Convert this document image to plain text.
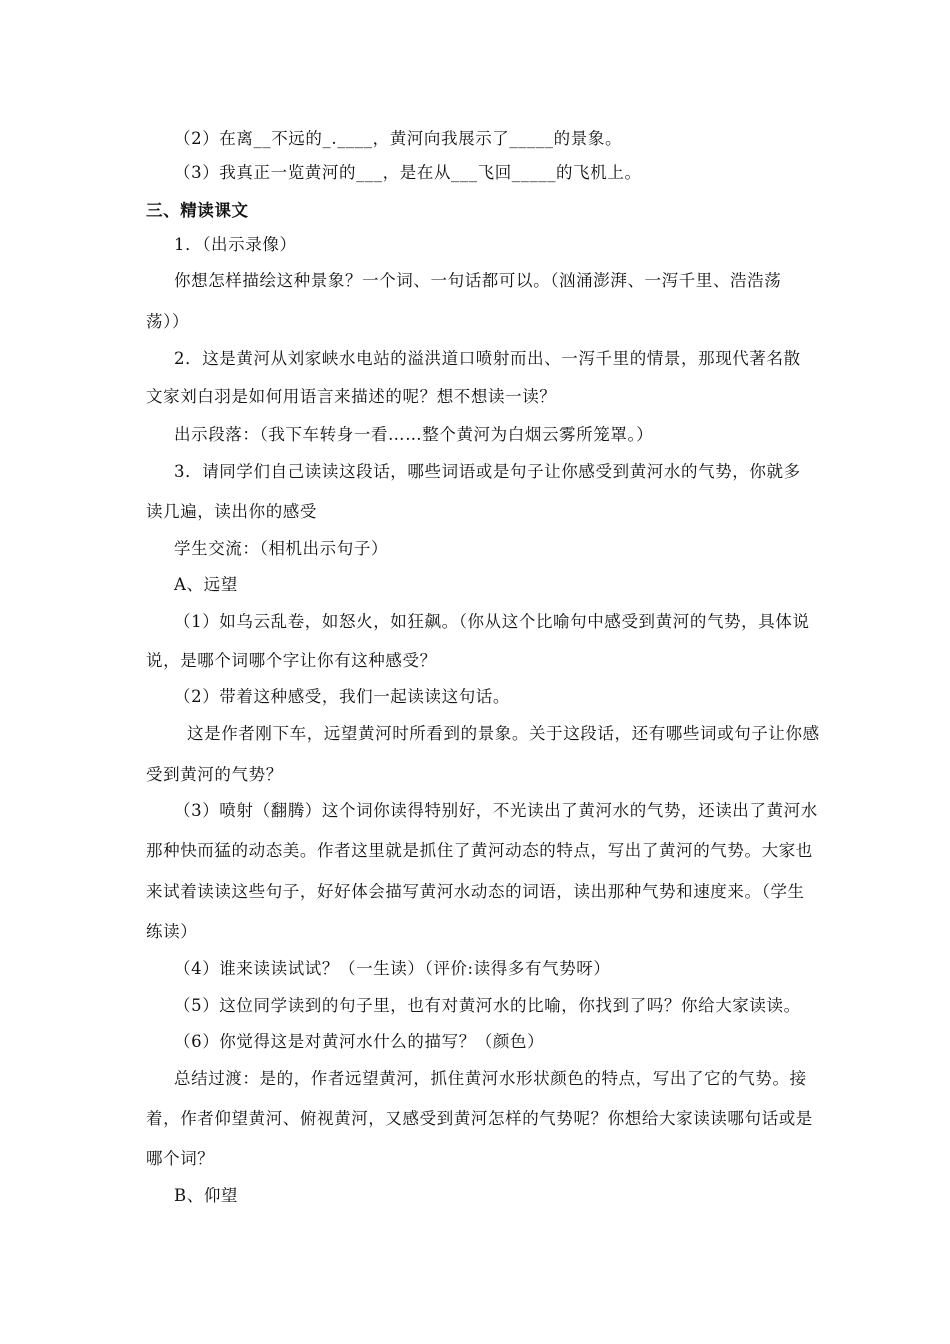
（2）在离__不远的_.____，黄河向我展示了_____的景象。
（3）我真正一览黄河的___，是在从___飞回_____的飞机上。
三、精读课文
1．（出示录像）
你想怎样描绘这种景象？一个词、一句话都可以。（汹涌澎湃、一泻千里、浩浩荡
荡））
2．这是黄河从刘家峡水电站的溢洪道口喷射而出、一泻千里的情景，那现代著名散
文家刘白羽是如何用语言来描述的呢？想不想读一读？
出示段落：（我下车转身一看……整个黄河为白烟云雾所笼罩。）
3．请同学们自己读读这段话，哪些词语或是句子让你感受到黄河水的气势，你就多
读几遍，读出你的感受
学生交流：（相机出示句子）
A、远望
（1）如乌云乱卷，如怒火，如狂飙。（你从这个比喻句中感受到黄河的气势，具体说
说，是哪个词哪个字让你有这种感受？
（2）带着这种感受，我们一起读读这句话。
这是作者刚下车，远望黄河时所看到的景象。关于这段话，还有哪些词或句子让你感
受到黄河的气势？
（3）喷射（翻腾）这个词你读得特别好，不光读出了黄河水的气势，还读出了黄河水
那种快而猛的动态美。作者这里就是抓住了黄河动态的特点，写出了黄河的气势。大家也
来试着读读这些句子，好好体会描写黄河水动态的词语，读出那种气势和速度来。（学生
练读）
（4）谁来读读试试？（一生读）（评价:读得多有气势呀）
（5）这位同学读到的句子里，也有对黄河水的比喻，你找到了吗？你给大家读读。
（6）你觉得这是对黄河水什么的描写？（颜色）
总结过渡：是的，作者远望黄河，抓住黄河水形状颜色的特点，写出了它的气势。接
着，作者仰望黄河、俯视黄河，又感受到黄河怎样的气势呢？你想给大家读读哪句话或是
哪个词？
B、仰望
